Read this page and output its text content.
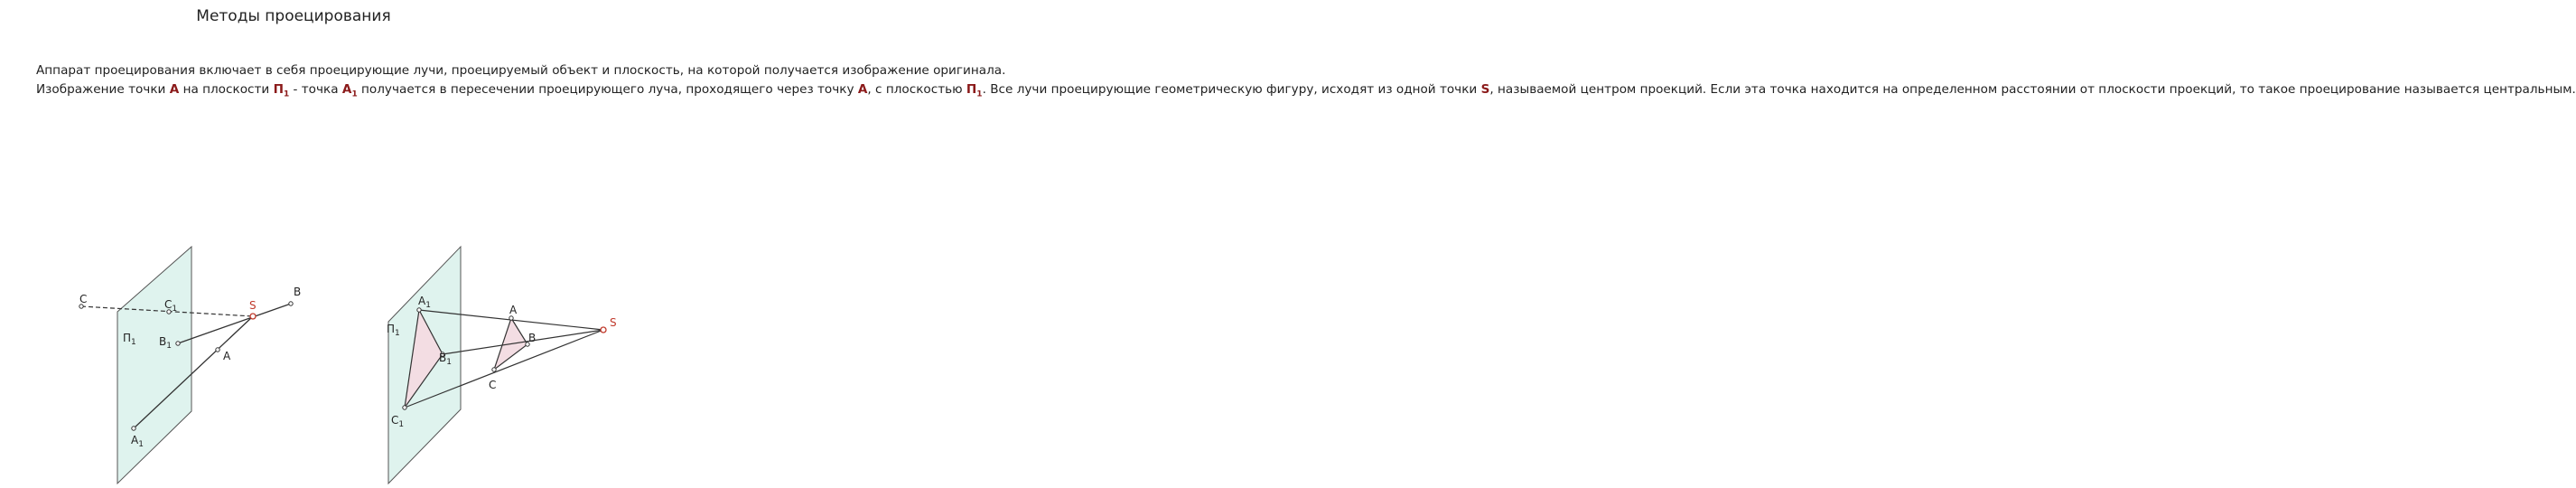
Методы проецирования
Аппарат проецирования включает в себя проецирующие лучи, проецируемый объект и плоскость, на которой получается изображение оригинала.
Изображение точки A на плоскости $П_1$ - точка $A_1$ получается в пересечении проецирующего луча, проходящего через точку A, с плоскостью $П_1$. Все лучи проецирующие геометрическую фигуру, исходят из одной точки S, называемой центром проекций. Если эта точка находится на определенном расстоянии от плоскости проекций, то такое проецирование называется центральным.
C	$C_1$
$П_1$ $B_1$
$A_1$
S
B
A
$A_1$	A
S
$П_1$	B
$B_1$
C
$C_1$
